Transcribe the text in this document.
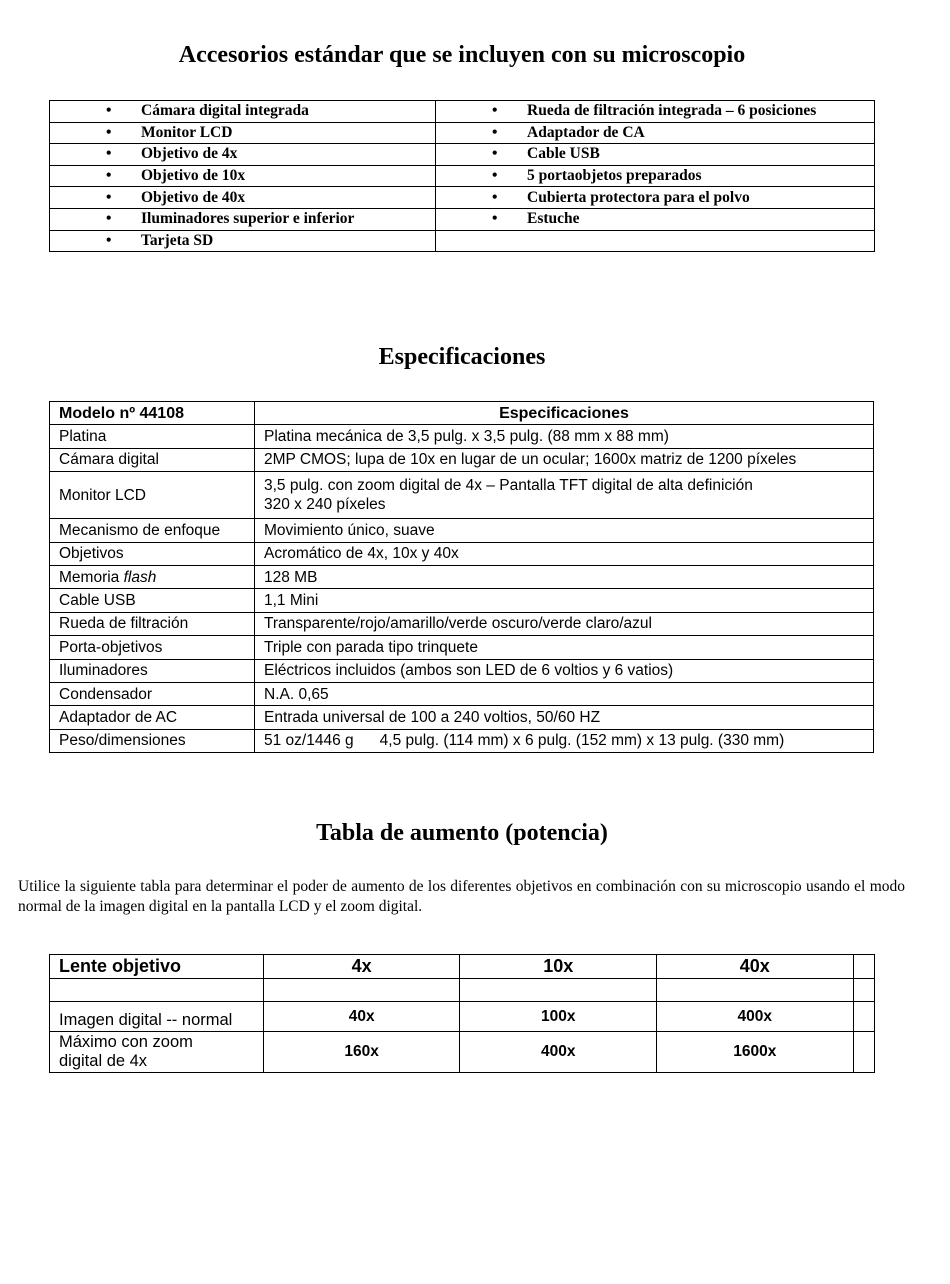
Accesorios estándar que se incluyen con su microscopio
• Cámara digital integrada	• Rueda de filtración integrada – 6 posiciones
• Monitor LCD	• Adaptador de CA
• Objetivo de 4x	• Cable USB
• Objetivo de 10x	• 5 portaobjetos preparados
• Objetivo de 40x	• Cubierta protectora para el polvo
• Iluminadores superior e inferior	• Estuche
• Tarjeta SD	
Especificaciones
Modelo nº 44108	Especificaciones
Platina	Platina mecánica de 3,5 pulg. x 3,5 pulg. (88 mm x 88 mm)
Cámara digital	2MP CMOS; lupa de 10x en lugar de un ocular; 1600x matriz de 1200 píxeles
Monitor LCD	3,5 pulg. con zoom digital de 4x – Pantalla TFT digital de alta definición
320 x 240 píxeles

Mecanismo de enfoque	Movimiento único, suave
Objetivos	Acromático de 4x, 10x y 40x
Memoria flash	128 MB
Cable USB	1,1 Mini
Rueda de filtración	Transparente/rojo/amarillo/verde oscuro/verde claro/azul
Porta-objetivos	Triple con parada tipo trinquete
Iluminadores	Eléctricos incluidos (ambos son LED de 6 voltios y 6 vatios)
Condensador	N.A. 0,65
Adaptador de AC	Entrada universal de 100 a 240 voltios, 50/60 HZ
Peso/dimensiones	51 oz/1446 g 4,5 pulg. (114 mm) x 6 pulg. (152 mm) x 13 pulg. (330 mm)
Tabla de aumento (potencia)

Utilice la siguiente tabla para determinar el poder de aumento de los diferentes objetivos en combinación con su microscopio usando el modo normal de la imagen digital en la pantalla LCD y el zoom digital.

Lente objetivo	4x	10x	40x	

Imagen digital -- normal	40x	100x	400x	

Máximo con zoom
digital de 4x	160x	400x	1600x	
